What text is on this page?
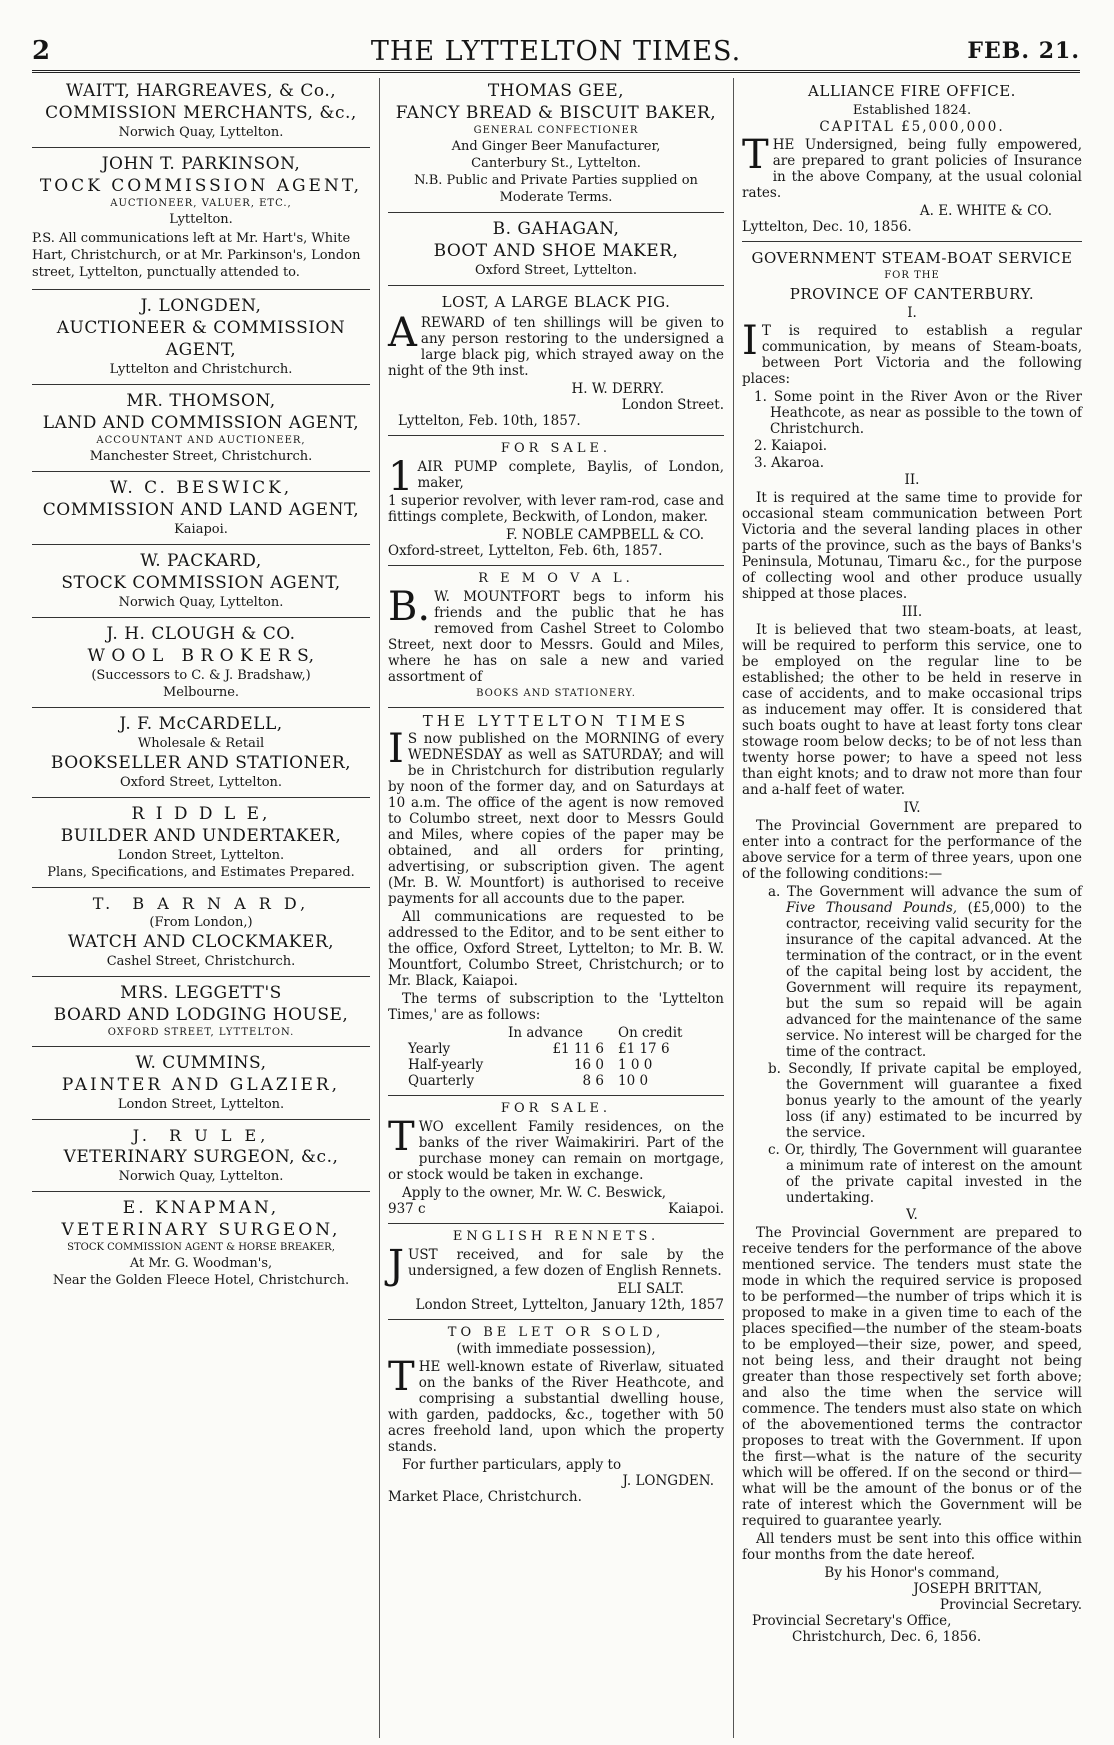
2	THE LYTTELTON TIMES.	FEB. 21.
WAITT, HARGREAVES, & Co.,
COMMISSION MERCHANTS, &c.,
Norwich Quay, Lyttelton.
JOHN T. PARKINSON,
TOCK COMMISSION AGENT,
AUCTIONEER, VALUER, ETC.,
Lyttelton.
P.S. All communications left at Mr. Hart's, White Hart, Christchurch, or at Mr. Parkinson's, London street, Lyttelton, punctually attended to.
J. LONGDEN,
AUCTIONEER & COMMISSION AGENT,
Lyttelton and Christchurch.
MR. THOMSON,
LAND AND COMMISSION AGENT,
ACCOUNTANT AND AUCTIONEER,
Manchester Street, Christchurch.
W. C. BESWICK,
COMMISSION AND LAND AGENT,
Kaiapoi.
W. PACKARD,
STOCK COMMISSION AGENT,
Norwich Quay, Lyttelton.
J. H. CLOUGH & CO.
W O O L   B R O K E R S,
(Successors to C. & J. Bradshaw,)
Melbourne.
J. F. McCARDELL,
Wholesale & Retail
BOOKSELLER AND STATIONER,
Oxford Street, Lyttelton.
R I D D L E,
BUILDER AND UNDERTAKER,
London Street, Lyttelton.
Plans, Specifications, and Estimates Prepared.
T.  B A R N A R D,
(From London,)
WATCH AND CLOCKMAKER,
Cashel Street, Christchurch.
MRS. LEGGETT'S
BOARD AND LODGING HOUSE,
OXFORD STREET, LYTTELTON.
W. CUMMINS,
PAINTER AND GLAZIER,
London Street, Lyttelton.
J.  R U L E,
VETERINARY SURGEON, &c.,
Norwich Quay, Lyttelton.
E. KNAPMAN,
VETERINARY SURGEON,
STOCK COMMISSION AGENT & HORSE BREAKER,
At Mr. G. Woodman's,
Near the Golden Fleece Hotel, Christchurch.
THOMAS GEE,
FANCY BREAD & BISCUIT BAKER,
GENERAL CONFECTIONER
And Ginger Beer Manufacturer,
Canterbury St., Lyttelton.
N.B. Public and Private Parties supplied on Moderate Terms.
B. GAHAGAN,
BOOT AND SHOE MAKER,
Oxford Street, Lyttelton.
LOST, A LARGE BLACK PIG.
AREWARD of ten shillings will be given to any person restoring to the undersigned a large black pig, which strayed away on the night of the 9th inst.
H. W. DERRY.
London Street.
Lyttelton, Feb. 10th, 1857.
FOR SALE.
1 AIR PUMP complete, Baylis, of London, maker,
1 superior revolver, with lever ram-rod, case and fittings complete, Beckwith, of London, maker.
F. NOBLE CAMPBELL & CO.
Oxford-street, Lyttelton, Feb. 6th, 1857.
R E M O V A L.
B. W. MOUNTFORT begs to inform his friends and the public that he has removed from Cashel Street to Colombo Street, next door to Messrs. Gould and Miles, where he has on sale a new and varied assortment of
BOOKS AND STATIONERY.
THE LYTTELTON TIMES
I S now published on the MORNING of every WEDNESDAY as well as SATURDAY; and will be in Christchurch for distribution regularly by noon of the former day, and on Saturdays at 10 a.m. The office of the agent is now removed to Columbo street, next door to Messrs Gould and Miles, where copies of the paper may be obtained, and all orders for printing, advertising, or subscription given. The agent (Mr. B. W. Mountfort) is authorised to receive payments for all accounts due to the paper.
All communications are requested to be addressed to the Editor, and to be sent either to the office, Oxford Street, Lyttelton; to Mr. B. W. Mountfort, Columbo Street, Christchurch; or to Mr. Black, Kaiapoi.
The terms of subscription to the 'Lyttelton Times,' are as follows:
In advance	On credit
Yearly	£1 11 6	£1 17 6
Half-yearly	16 0	1 0 0
Quarterly	8 6	10 0
FOR SALE.
TWO excellent Family residences, on the banks of the river Waimakiriri. Part of the purchase money can remain on mortgage, or stock would be taken in exchange.
Apply to the owner, Mr. W. C. Beswick,
937 c	Kaiapoi.
ENGLISH RENNETS.
JUST received, and for sale by the undersigned, a few dozen of English Rennets.
ELI SALT.
London Street, Lyttelton, January 12th, 1857
TO BE LET OR SOLD,
(with immediate possession),
THE well-known estate of Riverlaw, situated on the banks of the River Heathcote, and comprising a substantial dwelling house, with garden, paddocks, &c., together with 50 acres freehold land, upon which the property stands.
For further particulars, apply to
J. LONGDEN.
Market Place, Christchurch.
ALLIANCE FIRE OFFICE.
Established 1824.
CAPITAL £5,000,000.
THE Undersigned, being fully empowered, are prepared to grant policies of Insurance in the above Company, at the usual colonial rates.
A. E. WHITE & CO.
Lyttelton, Dec. 10, 1856.
GOVERNMENT STEAM-BOAT SERVICE
FOR THE
PROVINCE OF CANTERBURY.
I.
I T is required to establish a regular communication, by means of Steam-boats, between Port Victoria and the following places:
1. Some point in the River Avon or the River Heathcote, as near as possible to the town of Christchurch.
2. Kaiapoi.
3. Akaroa.
II.
It is required at the same time to provide for occasional steam communication between Port Victoria and the several landing places in other parts of the province, such as the bays of Banks's Peninsula, Motunau, Timaru &c., for the purpose of collecting wool and other produce usually shipped at those places.
III.
It is believed that two steam-boats, at least, will be required to perform this service, one to be employed on the regular line to be established; the other to be held in reserve in case of accidents, and to make occasional trips as inducement may offer. It is considered that such boats ought to have at least forty tons clear stowage room below decks; to be of not less than twenty horse power; to have a speed not less than eight knots; and to draw not more than four and a-half feet of water.
IV.
The Provincial Government are prepared to enter into a contract for the performance of the above service for a term of three years, upon one of the following conditions:—
a. The Government will advance the sum of Five Thousand Pounds, (£5,000) to the contractor, receiving valid security for the insurance of the capital advanced. At the termination of the contract, or in the event of the capital being lost by accident, the Government will require its repayment, but the sum so repaid will be again advanced for the maintenance of the same service. No interest will be charged for the time of the contract.
b. Secondly, If private capital be employed, the Government will guarantee a fixed bonus yearly to the amount of the yearly loss (if any) estimated to be incurred by the service.
c. Or, thirdly, The Government will guarantee a minimum rate of interest on the amount of the private capital invested in the undertaking.
V.
The Provincial Government are prepared to receive tenders for the performance of the above mentioned service. The tenders must state the mode in which the required service is proposed to be performed—the number of trips which it is proposed to make in a given time to each of the places specified—the number of the steam-boats to be employed—their size, power, and speed, not being less, and their draught not being greater than those respectively set forth above; and also the time when the service will commence. The tenders must also state on which of the abovementioned terms the contractor proposes to treat with the Government. If upon the first—what is the nature of the security which will be offered. If on the second or third—what will be the amount of the bonus or of the rate of interest which the Government will be required to guarantee yearly.
All tenders must be sent into this office within four months from the date hereof.
By his Honor's command,
JOSEPH BRITTAN,
Provincial Secretary.
Provincial Secretary's Office,
Christchurch, Dec. 6, 1856.
